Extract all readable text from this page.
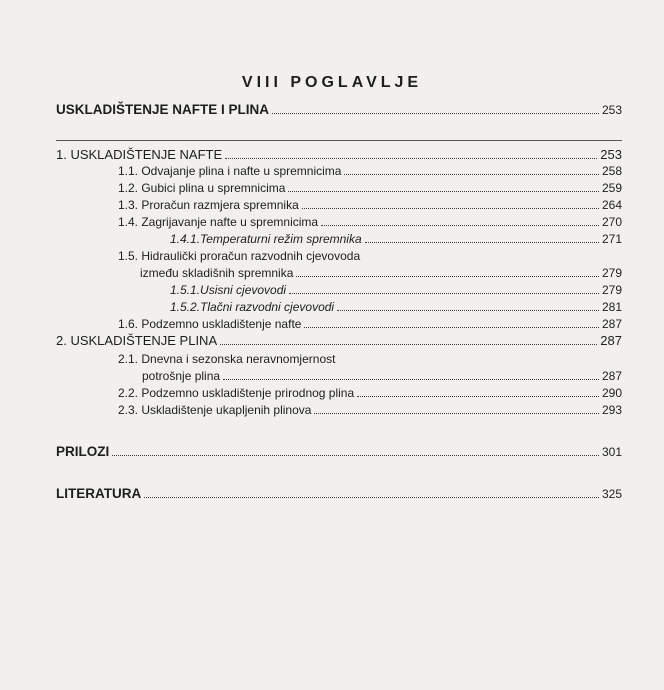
VIII POGLAVLJE
USKLADIŠTENJE NAFTE I PLINA	253
1. USKLADIŠTENJE NAFTE	253
1.1. Odvajanje plina i nafte u spremnicima	258
1.2. Gubici plina u spremnicima	259
1.3. Proračun razmjera spremnika	264
1.4. Zagrijavanje nafte u spremnicima	270
1.4.1.Temperaturni režim spremnika	271
1.5. Hidraulički proračun razvodnih cjevovoda
između skladišnih spremnika	279
1.5.1.Usisni cjevovodi	279
1.5.2.Tlačni razvodni cjevovodi	281
1.6. Podzemno uskladištenje nafte	287
2. USKLADIŠTENJE PLINA	287
2.1. Dnevna i sezonska neravnomjernost
potrošnje plina	287
2.2. Podzemno uskladištenje prirodnog plina	290
2.3. Uskladištenje ukapljenih plinova	293
PRILOZI	301
LITERATURA	325
